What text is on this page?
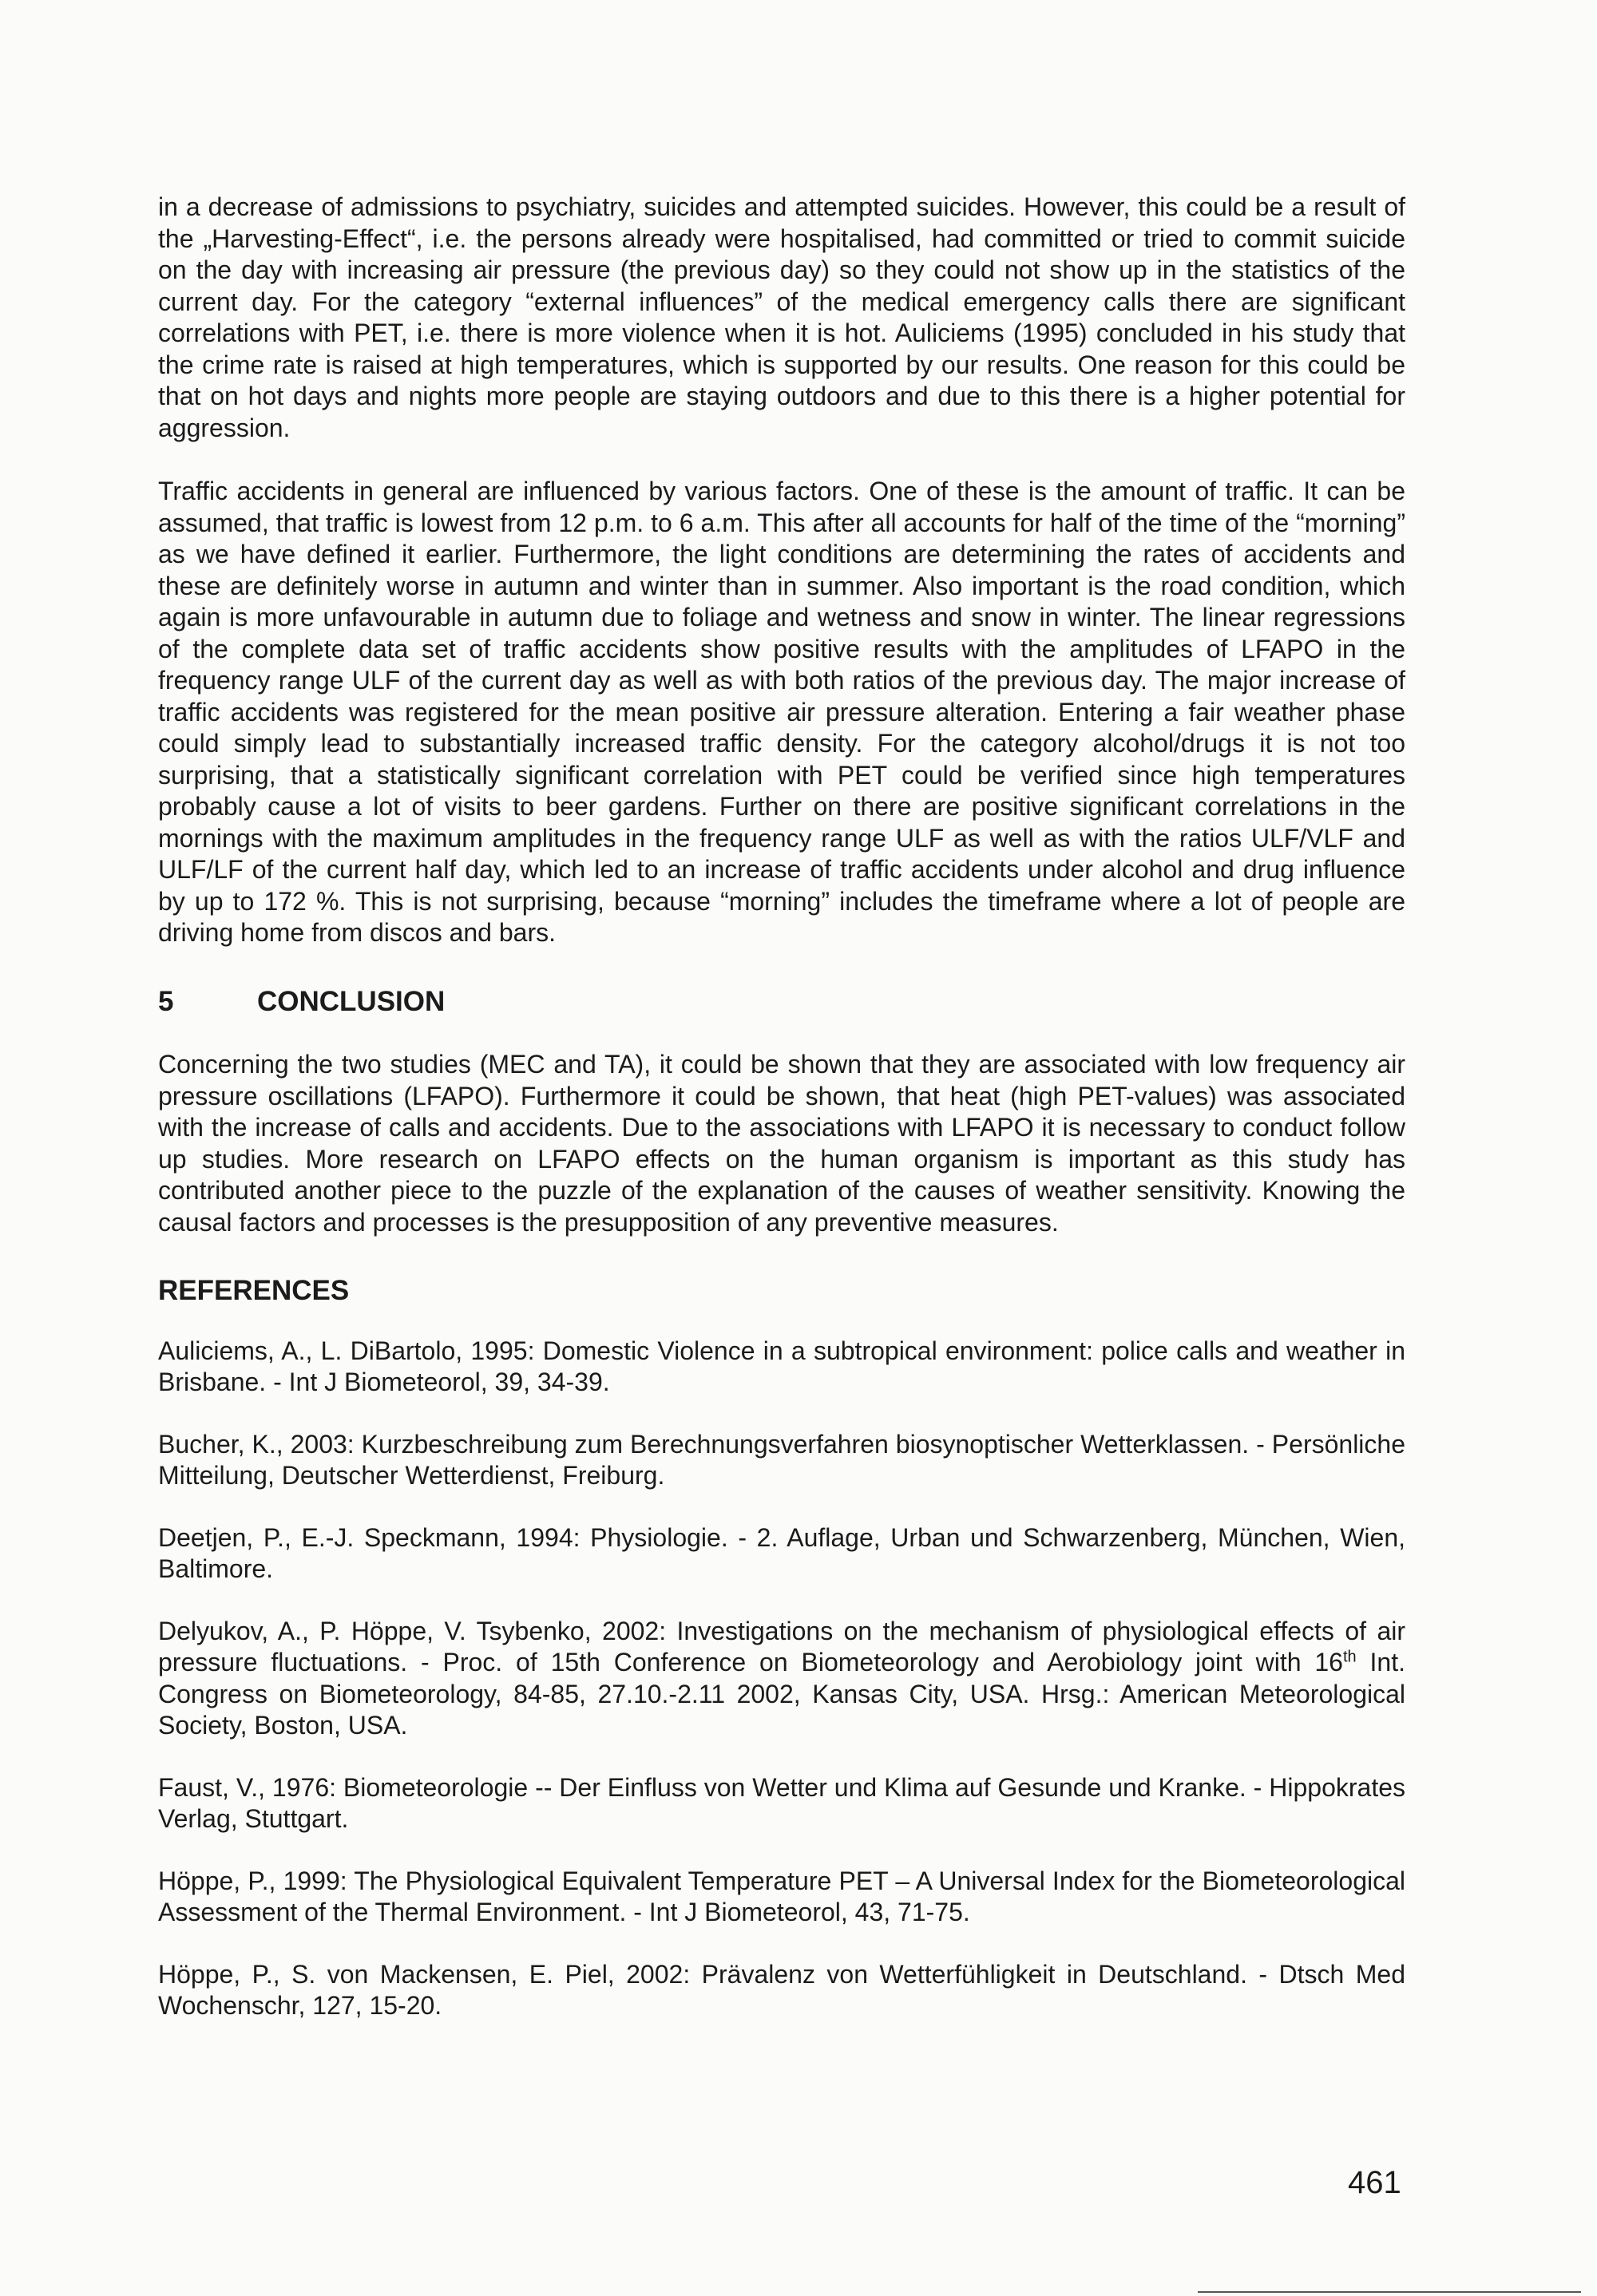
in a decrease of admissions to psychiatry, suicides and attempted suicides. However, this could be a result of the „Harvesting-Effect“, i.e. the persons already were hospitalised, had committed or tried to commit suicide on the day with increasing air pressure (the previous day) so they could not show up in the statistics of the current day. For the category “external influences” of the medical emergency calls there are significant correlations with PET, i.e. there is more violence when it is hot. Auliciems (1995) concluded in his study that the crime rate is raised at high temperatures, which is supported by our results. One reason for this could be that on hot days and nights more people are staying outdoors and due to this there is a higher potential for aggression.

Traffic accidents in general are influenced by various factors. One of these is the amount of traffic. It can be assumed, that traffic is lowest from 12 p.m. to 6 a.m. This after all accounts for half of the time of the “morning” as we have defined it earlier. Furthermore, the light conditions are determining the rates of accidents and these are definitely worse in autumn and winter than in summer. Also important is the road condition, which again is more unfavourable in autumn due to foliage and wetness and snow in winter. The linear regressions of the complete data set of traffic accidents show positive results with the amplitudes of LFAPO in the frequency range ULF of the current day as well as with both ratios of the previous day. The major increase of traffic accidents was registered for the mean positive air pressure alteration. Entering a fair weather phase could simply lead to substantially increased traffic density. For the category alcohol/drugs it is not too surprising, that a statistically significant correlation with PET could be verified since high temperatures probably cause a lot of visits to beer gardens. Further on there are positive significant correlations in the mornings with the maximum amplitudes in the frequency range ULF as well as with the ratios ULF/VLF and ULF/LF of the current half day, which led to an increase of traffic accidents under alcohol and drug influence by up to 172 %. This is not surprising, because “morning” includes the timeframe where a lot of people are driving home from discos and bars.

5	CONCLUSION

Concerning the two studies (MEC and TA), it could be shown that they are associated with low frequency air pressure oscillations (LFAPO). Furthermore it could be shown, that heat (high PET-values) was associated with the increase of calls and accidents. Due to the associations with LFAPO it is necessary to conduct follow up studies. More research on LFAPO effects on the human organism is important as this study has contributed another piece to the puzzle of the explanation of the causes of weather sensitivity. Knowing the causal factors and processes is the presupposition of any preventive measures.

REFERENCES

Auliciems, A., L. DiBartolo, 1995: Domestic Violence in a subtropical environment: police calls and weather in Brisbane. - Int J Biometeorol, 39, 34-39.

Bucher, K., 2003: Kurzbeschreibung zum Berechnungsverfahren biosynoptischer Wetterklassen. - Persönliche Mitteilung, Deutscher Wetterdienst, Freiburg.

Deetjen, P., E.-J. Speckmann, 1994: Physiologie. - 2. Auflage, Urban und Schwarzenberg, München, Wien, Baltimore.

Delyukov, A., P. Höppe, V. Tsybenko, 2002: Investigations on the mechanism of physiological effects of air pressure fluctuations. - Proc. of 15th Conference on Biometeorology and Aerobiology joint with 16th Int. Congress on Biometeorology, 84-85, 27.10.-2.11 2002, Kansas City, USA. Hrsg.: American Meteorological Society, Boston, USA.

Faust, V., 1976: Biometeorologie -- Der Einfluss von Wetter und Klima auf Gesunde und Kranke. - Hippokrates Verlag, Stuttgart.

Höppe, P., 1999: The Physiological Equivalent Temperature PET – A Universal Index for the Biometeorological Assessment of the Thermal Environment. - Int J Biometeorol, 43, 71-75.

Höppe, P., S. von Mackensen, E. Piel, 2002: Prävalenz von Wetterfühligkeit in Deutschland. - Dtsch Med Wochenschr, 127, 15-20.

461
